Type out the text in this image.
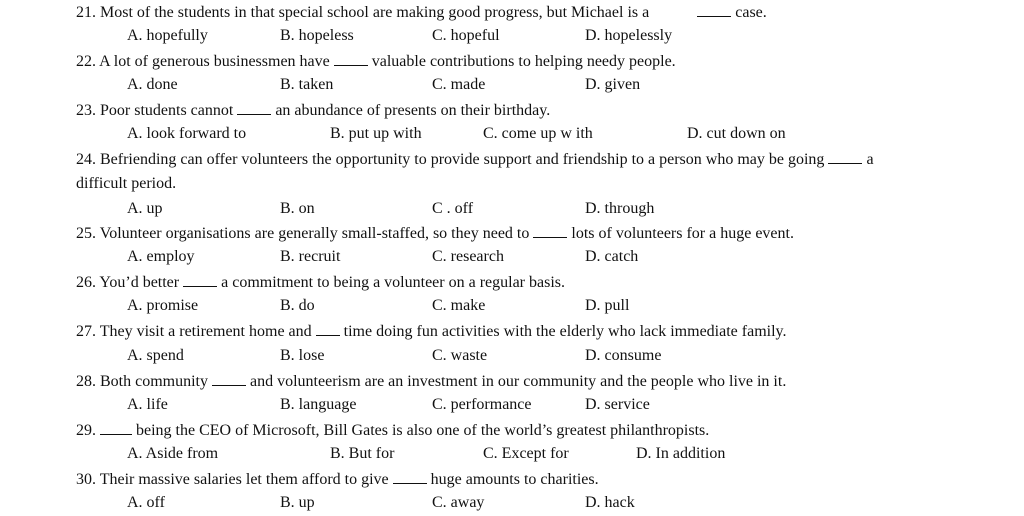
21. Most of the students in that special school are making good progress, but Michael is a	case.
A. hopefully	B. hopeless	C. hopeful	D. hopelessly
22. A lot of generous businessmen have	valuable contributions to helping needy people.
A. done	B. taken	C. made	D. given
23. Poor students cannot	an abundance of presents on their birthday.
A. look forward to	B. put up with	C. come up w ith	D. cut down on
24. Befriending can offer volunteers the opportunity to provide support and friendship to a person who may be going	a
difficult period.
A. up	B. on	C . off	D. through
25. Volunteer organisations are generally small-staffed, so they need to	lots of volunteers for a huge event.
A. employ	B. recruit	C. research	D. catch
26. You’d better	a commitment to being a volunteer on a regular basis.
A. promise	B. do	C. make	D. pull
27. They visit a retirement home and time doing fun activities with the elderly who lack immediate family.
A. spend	B. lose	C. waste	D. consume
28. Both community	and volunteerism are an investment in our community and the people who live in it.
A. life	B. language	C. performance	D. service
29.	being the CEO of Microsoft, Bill Gates is also one of the world’s greatest philanthropists.
A. Aside from	B. But for	C. Except for	D. In addition
30. Their massive salaries let them afford to give	huge amounts to charities.
A. off	B. up	C. away	D. hack
